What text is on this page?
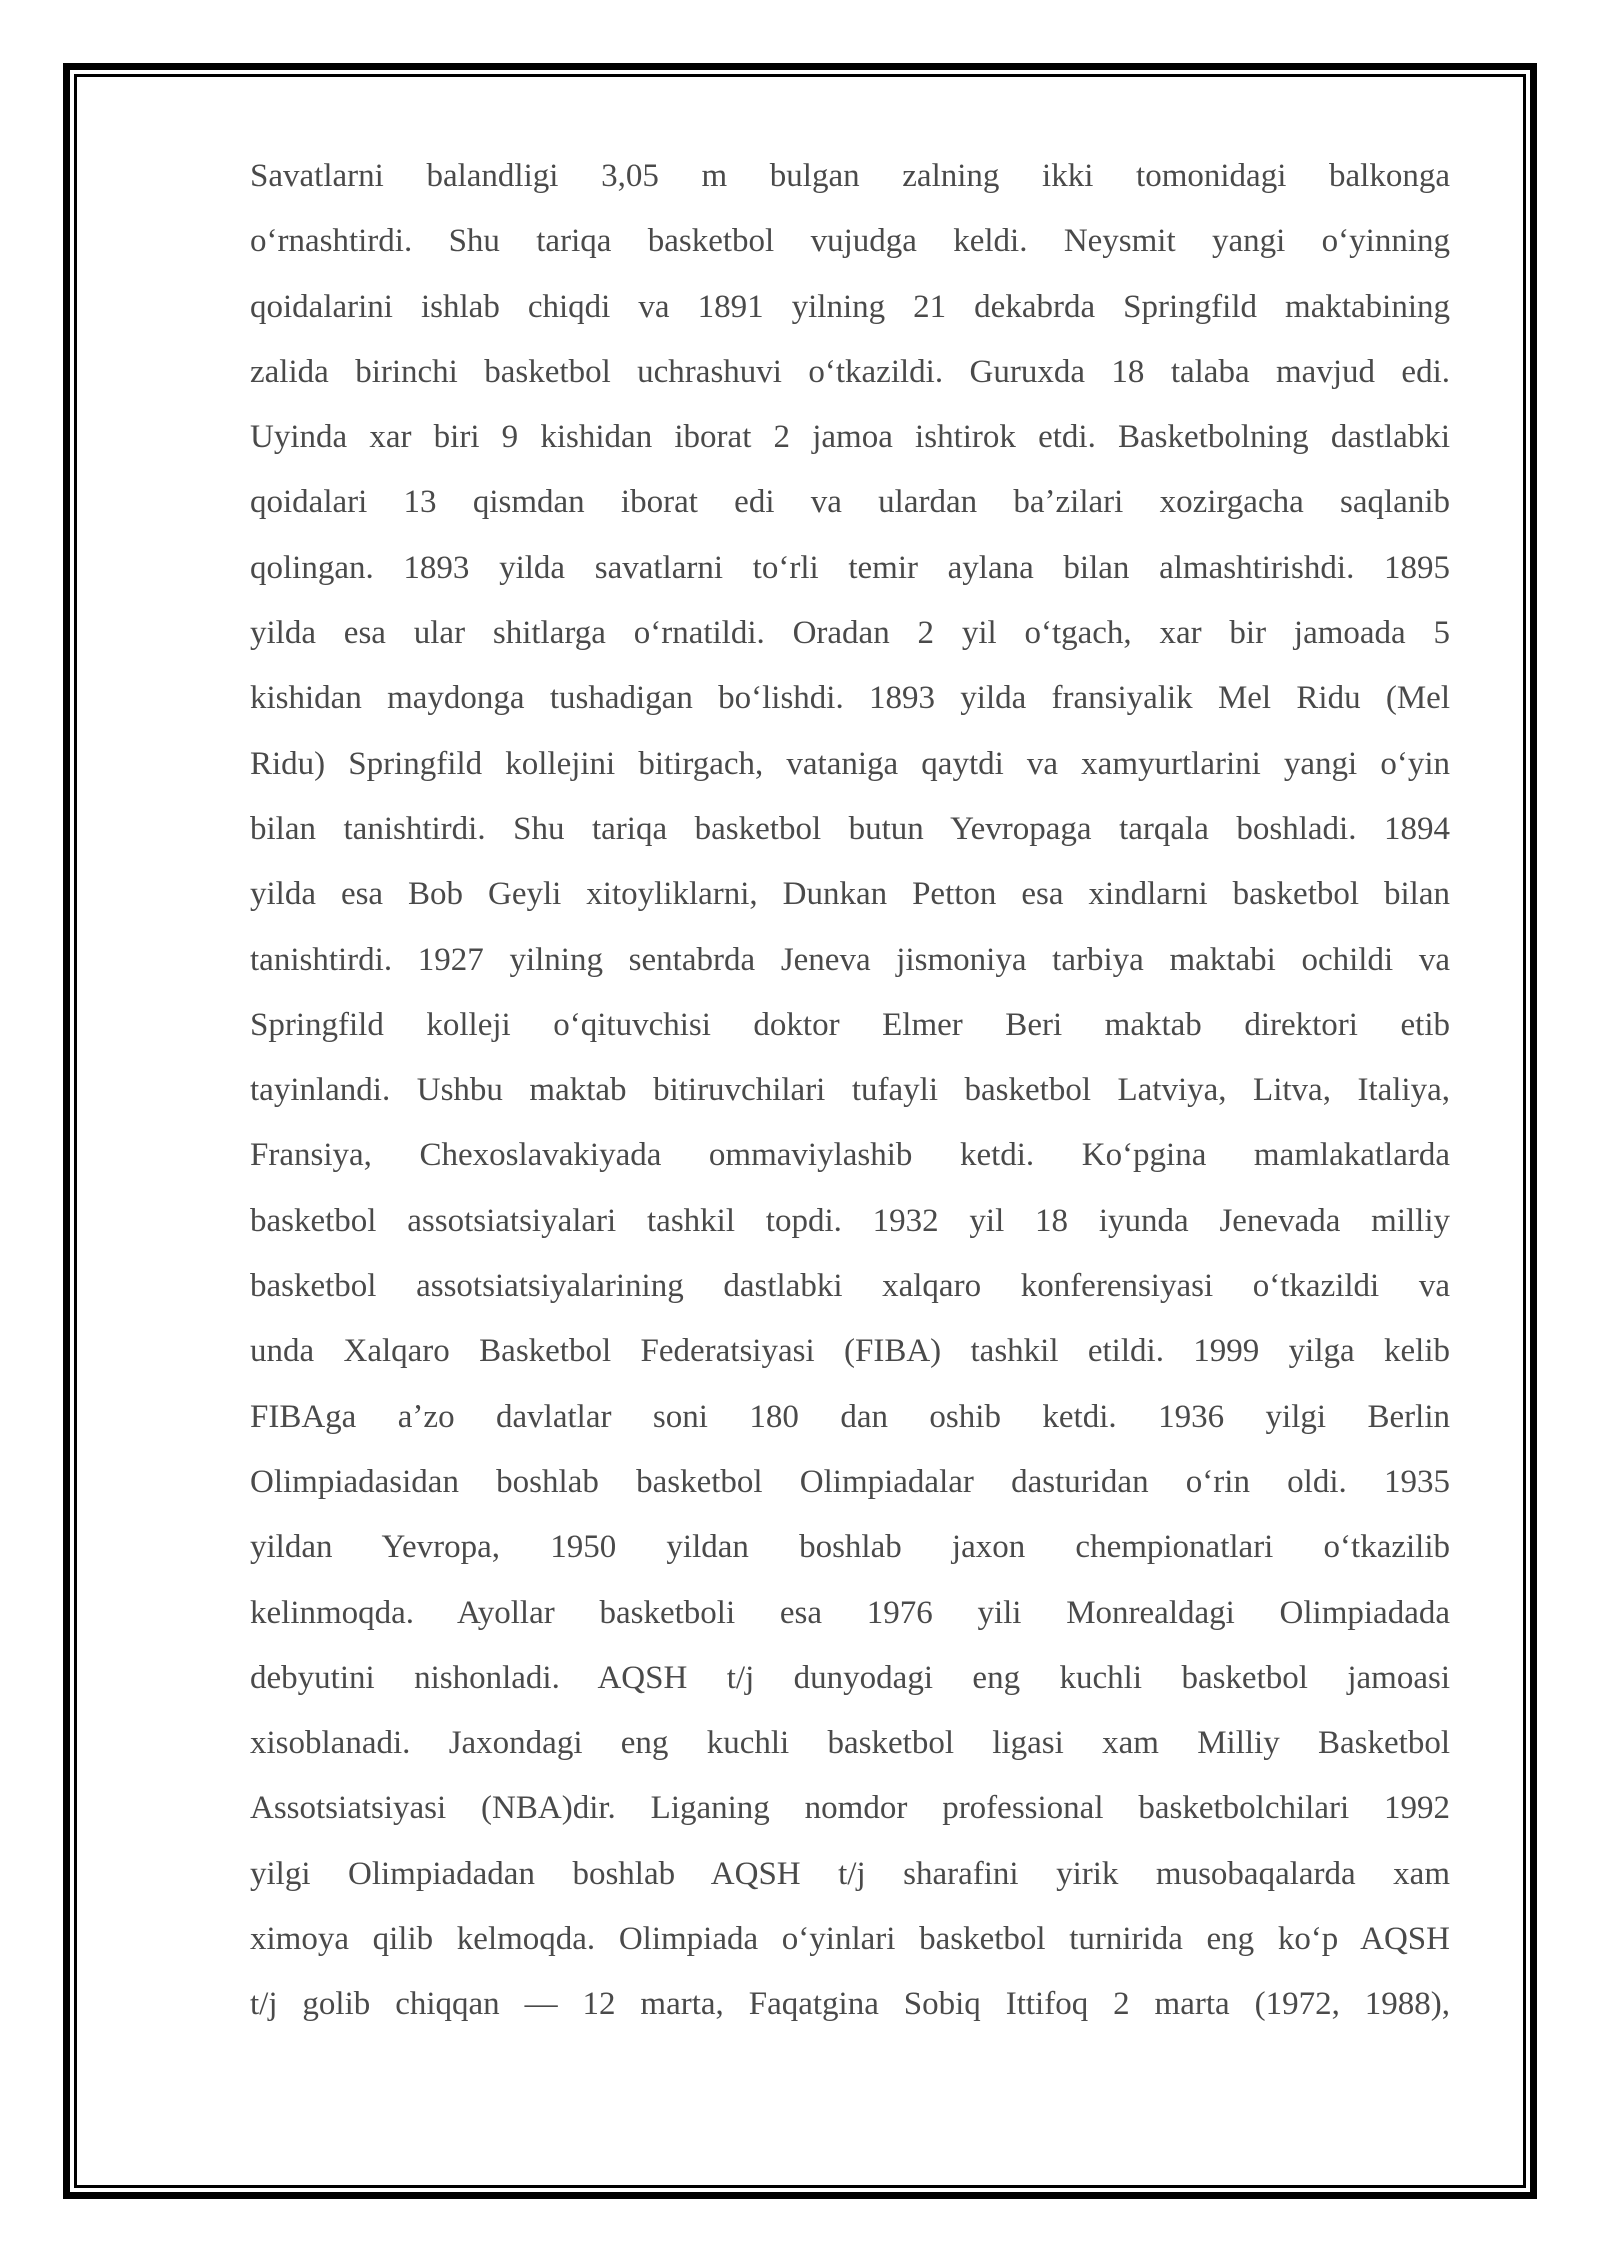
Savatlarni balandligi 3,05 m bulgan zalning ikki tomonidagi balkonga
oʻrnashtirdi. Shu tariqa basketbol vujudga keldi. Neysmit yangi oʻyinning
qoidalarini ishlab chiqdi va 1891 yilning 21 dekabrda Springfild maktabining
zalida birinchi basketbol uchrashuvi oʻtkazildi. Guruxda 18 talaba mavjud edi.
Uyinda xar biri 9 kishidan iborat 2 jamoa ishtirok etdi. Basketbolning dastlabki
qoidalari 13 qismdan iborat edi va ulardan baʼzilari xozirgacha saqlanib
qolingan. 1893 yilda savatlarni toʻrli temir aylana bilan almashtirishdi. 1895
yilda esa ular shitlarga oʻrnatildi. Oradan 2 yil oʻtgach, xar bir jamoada 5
kishidan maydonga tushadigan boʻlishdi. 1893 yilda fransiyalik Mel Ridu (Mel
Ridu) Springfild kollejini bitirgach, vataniga qaytdi va xamyurtlarini yangi oʻyin
bilan tanishtirdi. Shu tariqa basketbol butun Yevropaga tarqala boshladi. 1894
yilda esa Bob Geyli xitoyliklarni, Dunkan Petton esa xindlarni basketbol bilan
tanishtirdi. 1927 yilning sentabrda Jeneva jismoniya tarbiya maktabi ochildi va
Springfild kolleji oʻqituvchisi doktor Elmer Beri maktab direktori etib
tayinlandi. Ushbu maktab bitiruvchilari tufayli basketbol Latviya, Litva, Italiya,
Fransiya, Chexoslavakiyada ommaviylashib ketdi. Koʻpgina mamlakatlarda
basketbol assotsiatsiyalari tashkil topdi. 1932 yil 18 iyunda Jenevada milliy
basketbol assotsiatsiyalarining dastlabki xalqaro konferensiyasi oʻtkazildi va
unda Xalqaro Basketbol Federatsiyasi (FIBA) tashkil etildi. 1999 yilga kelib
FIBAga aʼzo davlatlar soni 180 dan oshib ketdi. 1936 yilgi Berlin
Olimpiadasidan boshlab basketbol Olimpiadalar dasturidan oʻrin oldi. 1935
yildan Yevropa, 1950 yildan boshlab jaxon chempionatlari oʻtkazilib
kelinmoqda. Ayollar basketboli esa 1976 yili Monrealdagi Olimpiadada
debyutini nishonladi. AQSH t/j dunyodagi eng kuchli basketbol jamoasi
xisoblanadi. Jaxondagi eng kuchli basketbol ligasi xam Milliy Basketbol
Assotsiatsiyasi (NBA)dir. Liganing nomdor professional basketbolchilari 1992
yilgi Olimpiadadan boshlab AQSH t/j sharafini yirik musobaqalarda xam
ximoya qilib kelmoqda. Olimpiada oʻyinlari basketbol turnirida eng koʻp AQSH
t/j golib chiqqan — 12 marta, Faqatgina Sobiq Ittifoq 2 marta (1972, 1988),
